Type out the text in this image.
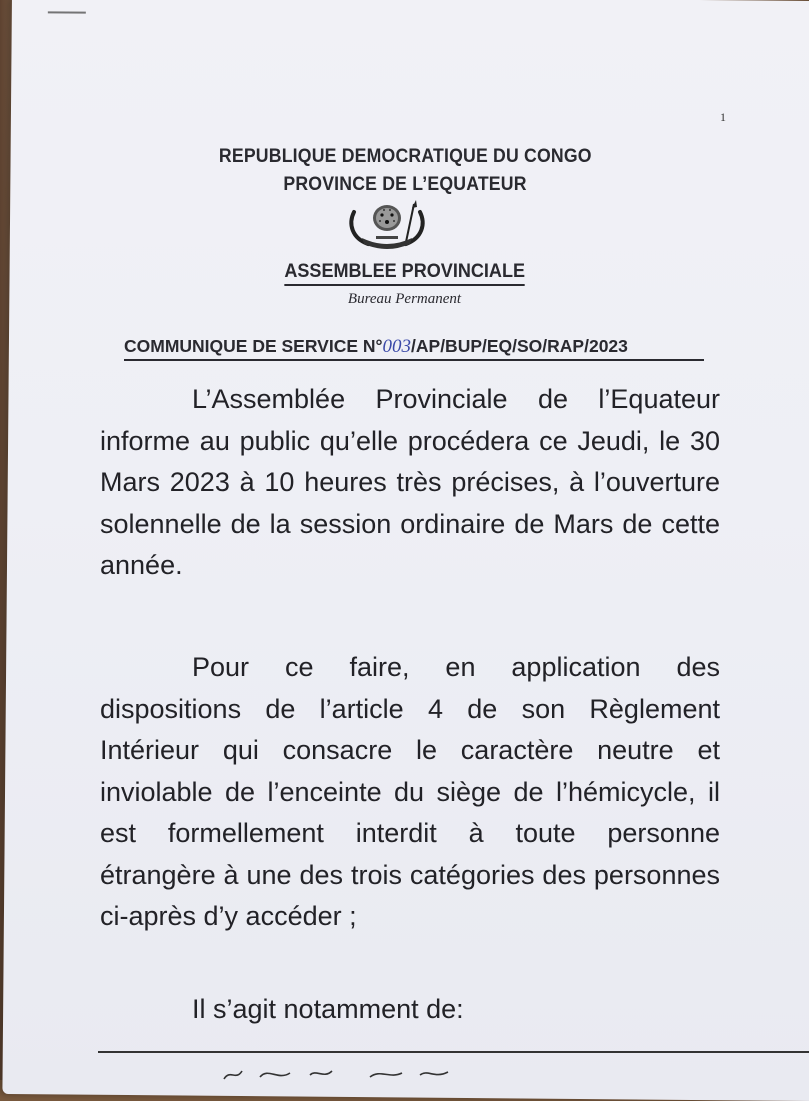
1
REPUBLIQUE DEMOCRATIQUE DU CONGO
PROVINCE DE L’EQUATEUR
ASSEMBLEE PROVINCIALE
Bureau Permanent
COMMUNIQUE DE SERVICE N°003/AP/BUP/EQ/SO/RAP/2023
L’Assemblée Provinciale de l’Equateur informe au public qu’elle procédera ce Jeudi, le 30 Mars 2023 à 10 heures très précises, à l’ouverture solennelle de la session ordinaire de Mars de cette année.
Pour ce faire, en application des dispositions de l’article 4 de son Règlement Intérieur qui consacre le caractère neutre et inviolable de l’enceinte du siège de l’hémicycle, il est formellement interdit à toute personne étrangère à une des trois catégories des personnes ci-après d’y accéder ;
Il s’agit notamment de:
